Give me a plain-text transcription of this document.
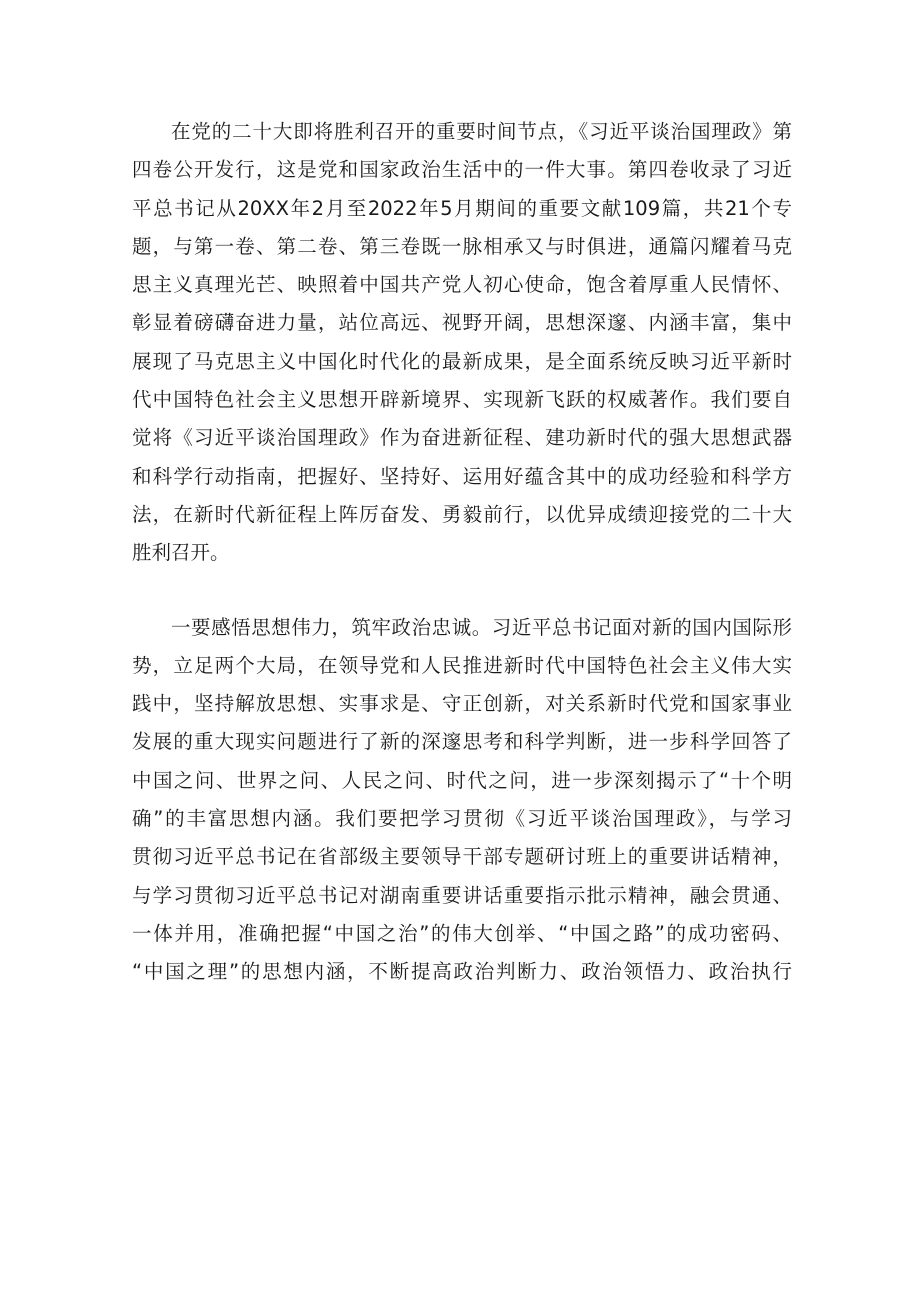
在党的二十大即将胜利召开的重要时间节点，《习近平谈治国理政》第
四卷公开发行，这是党和国家政治生活中的一件大事。第四卷收录了习近
平总书记从20XX年2月至2022年5月期间的重要文献109篇，共21个专
题，与第一卷、第二卷、第三卷既一脉相承又与时俱进，通篇闪耀着马克
思主义真理光芒、映照着中国共产党人初心使命，饱含着厚重人民情怀、
彰显着磅礴奋进力量，站位高远、视野开阔，思想深邃、内涵丰富，集中
展现了马克思主义中国化时代化的最新成果，是全面系统反映习近平新时
代中国特色社会主义思想开辟新境界、实现新飞跃的权威著作。我们要自
觉将《习近平谈治国理政》作为奋进新征程、建功新时代的强大思想武器
和科学行动指南，把握好、坚持好、运用好蕴含其中的成功经验和科学方
法，在新时代新征程上阵厉奋发、勇毅前行，以优异成绩迎接党的二十大
胜利召开。
一要感悟思想伟力，筑牢政治忠诚。习近平总书记面对新的国内国际形
势，立足两个大局，在领导党和人民推进新时代中国特色社会主义伟大实
践中，坚持解放思想、实事求是、守正创新，对关系新时代党和国家事业
发展的重大现实问题进行了新的深邃思考和科学判断，进一步科学回答了
中国之问、世界之问、人民之问、时代之问，进一步深刻揭示了“十个明
确”的丰富思想内涵。我们要把学习贯彻《习近平谈治国理政》，与学习
贯彻习近平总书记在省部级主要领导干部专题研讨班上的重要讲话精神，
与学习贯彻习近平总书记对湖南重要讲话重要指示批示精神，融会贯通、
一体并用，准确把握“中国之治”的伟大创举、“中国之路”的成功密码、
“中国之理”的思想内涵，不断提高政治判断力、政治领悟力、政治执行
